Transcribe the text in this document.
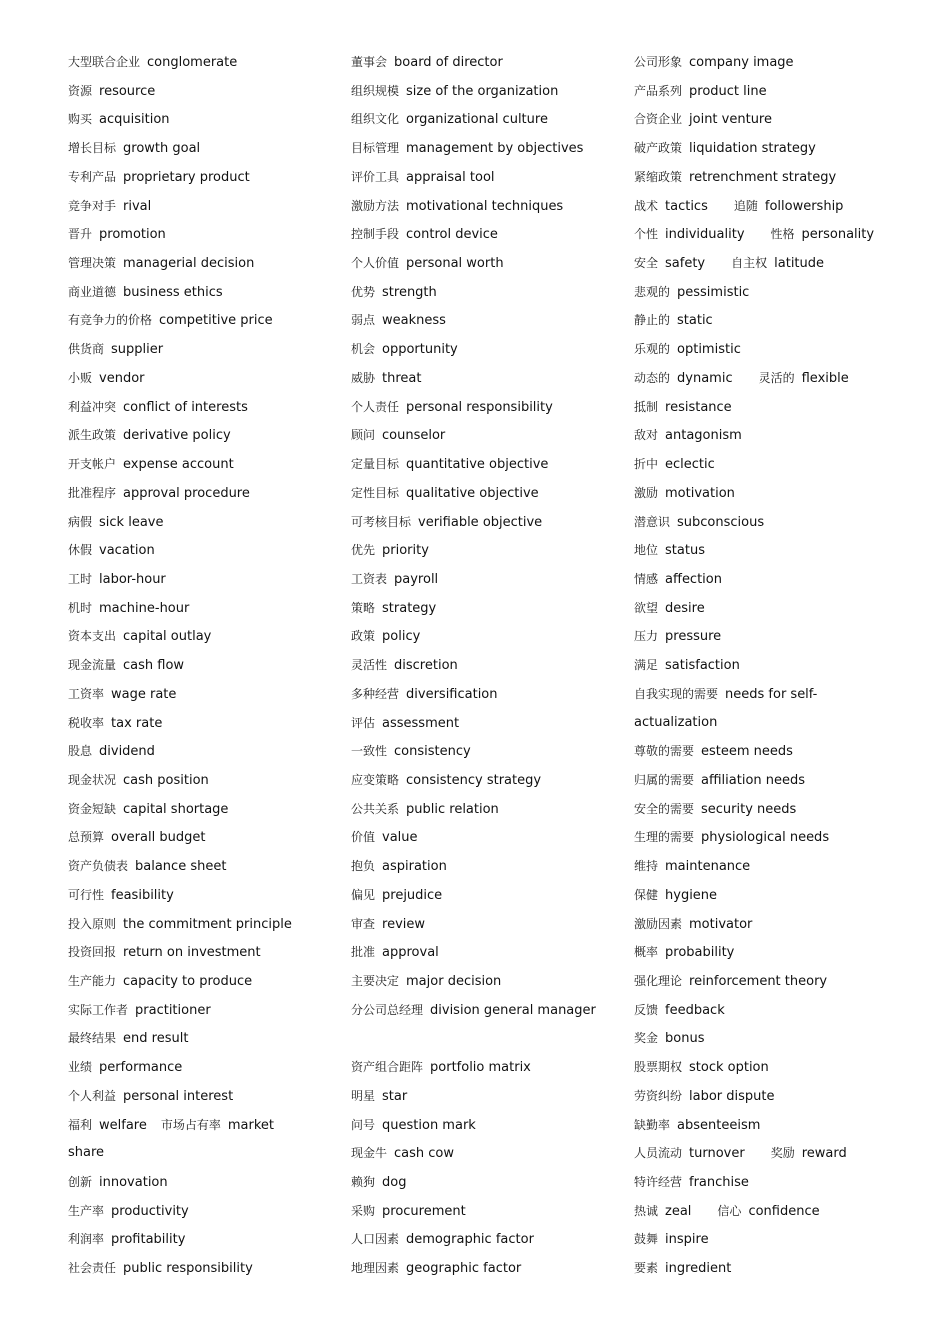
大型联合企业 conglomerate
资源 resource
购买 acquisition
增长目标 growth goal
专利产品 proprietary product
竞争对手 rival
晋升 promotion
管理决策 managerial decision
商业道德 business ethics
有竞争力的价格 competitive price
供货商 supplier
小贩 vendor
利益冲突 conflict of interests
派生政策 derivative policy
开支帐户 expense account
批准程序 approval procedure
病假 sick leave
休假 vacation
工时 labor-hour
机时 machine-hour
资本支出 capital outlay
现金流量 cash flow
工资率 wage rate
税收率 tax rate
股息 dividend
现金状况 cash position
资金短缺 capital shortage
总预算 overall budget
资产负债表 balance sheet
可行性 feasibility
投入原则 the commitment principle
投资回报 return on investment
生产能力 capacity to produce
实际工作者 practitioner
最终结果 end result
业绩 performance
个人利益 personal interest
福利 welfare 市场占有率 market
share
创新 innovation
生产率 productivity
利润率 profitability
社会责任 public responsibility
董事会 board of director
组织规模 size of the organization
组织文化 organizational culture
目标管理 management by objectives
评价工具 appraisal tool
激励方法 motivational techniques
控制手段 control device
个人价值 personal worth
优势 strength
弱点 weakness
机会 opportunity
威胁 threat
个人责任 personal responsibility
顾问 counselor
定量目标 quantitative objective
定性目标 qualitative objective
可考核目标 verifiable objective
优先 priority
工资表 payroll
策略 strategy
政策 policy
灵活性 discretion
多种经营 diversification
评估 assessment
一致性 consistency
应变策略 consistency strategy
公共关系 public relation
价值 value
抱负 aspiration
偏见 prejudice
审查 review
批准 approval
主要决定 major decision
分公司总经理 division general manager
资产组合距阵 portfolio matrix
明星 star
问号 question mark
现金牛 cash cow
赖狗 dog
采购 procurement
人口因素 demographic factor
地理因素 geographic factor
公司形象 company image
产品系列 product line
合资企业 joint venture
破产政策 liquidation strategy
紧缩政策 retrenchment strategy
战术 tactics 追随 followership
个性 individuality 性格 personality
安全 safety 自主权 latitude
悲观的 pessimistic
静止的 static
乐观的 optimistic
动态的 dynamic 灵活的 flexible
抵制 resistance
敌对 antagonism
折中 eclectic
激励 motivation
潜意识 subconscious
地位 status
情感 affection
欲望 desire
压力 pressure
满足 satisfaction
自我实现的需要 needs for self-
actualization
尊敬的需要 esteem needs
归属的需要 affiliation needs
安全的需要 security needs
生理的需要 physiological needs
维持 maintenance
保健 hygiene
激励因素 motivator
概率 probability
强化理论 reinforcement theory
反馈 feedback
奖金 bonus
股票期权 stock option
劳资纠纷 labor dispute
缺勤率 absenteeism
人员流动 turnover 奖励 reward
特许经营 franchise
热诚 zeal 信心 confidence
鼓舞 inspire
要素 ingredient
